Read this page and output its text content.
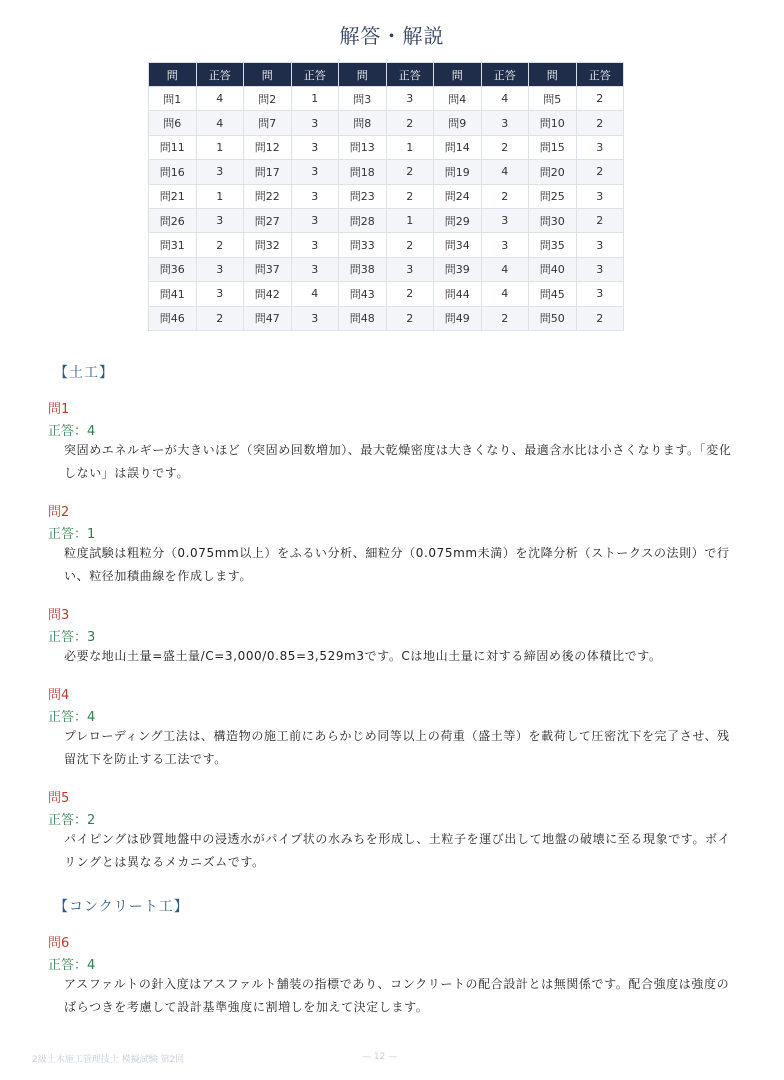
解答・解説
問	正答	問	正答	問	正答	問	正答	問	正答
問1	4	問2	1	問3	3	問4	4	問5	2
問6	4	問7	3	問8	2	問9	3	問10	2
問11	1	問12	3	問13	1	問14	2	問15	3
問16	3	問17	3	問18	2	問19	4	問20	2
問21	1	問22	3	問23	2	問24	2	問25	3
問26	3	問27	3	問28	1	問29	3	問30	2
問31	2	問32	3	問33	2	問34	3	問35	3
問36	3	問37	3	問38	3	問39	4	問40	3
問41	3	問42	4	問43	2	問44	4	問45	3
問46	2	問47	3	問48	2	問49	2	問50	2
【土工】
問1
正答：4
突固めエネルギーが大きいほど（突固め回数増加）、最大乾燥密度は大きくなり、最適含水比は小さくなります。「変化しない」は誤りです。
問2
正答：1
粒度試験は粗粒分（0.075mm以上）をふるい分析、細粒分（0.075mm未満）を沈降分析（ストークスの法則）で行い、粒径加積曲線を作成します。
問3
正答：3
必要な地山土量=盛土量/C=3,000/0.85=3,529m3です。Cは地山土量に対する締固め後の体積比です。
問4
正答：4
プレローディング工法は、構造物の施工前にあらかじめ同等以上の荷重（盛土等）を載荷して圧密沈下を完了させ、残留沈下を防止する工法です。
問5
正答：2
パイピングは砂質地盤中の浸透水がパイプ状の水みちを形成し、土粒子を運び出して地盤の破壊に至る現象です。ボイリングとは異なるメカニズムです。
【コンクリート工】
問6
正答：4
アスファルトの針入度はアスファルト舗装の指標であり、コンクリートの配合設計とは無関係です。配合強度は強度のばらつきを考慮して設計基準強度に割増しを加えて決定します。
2級土木施工管理技士 模擬試験 第2回	— 12 —
